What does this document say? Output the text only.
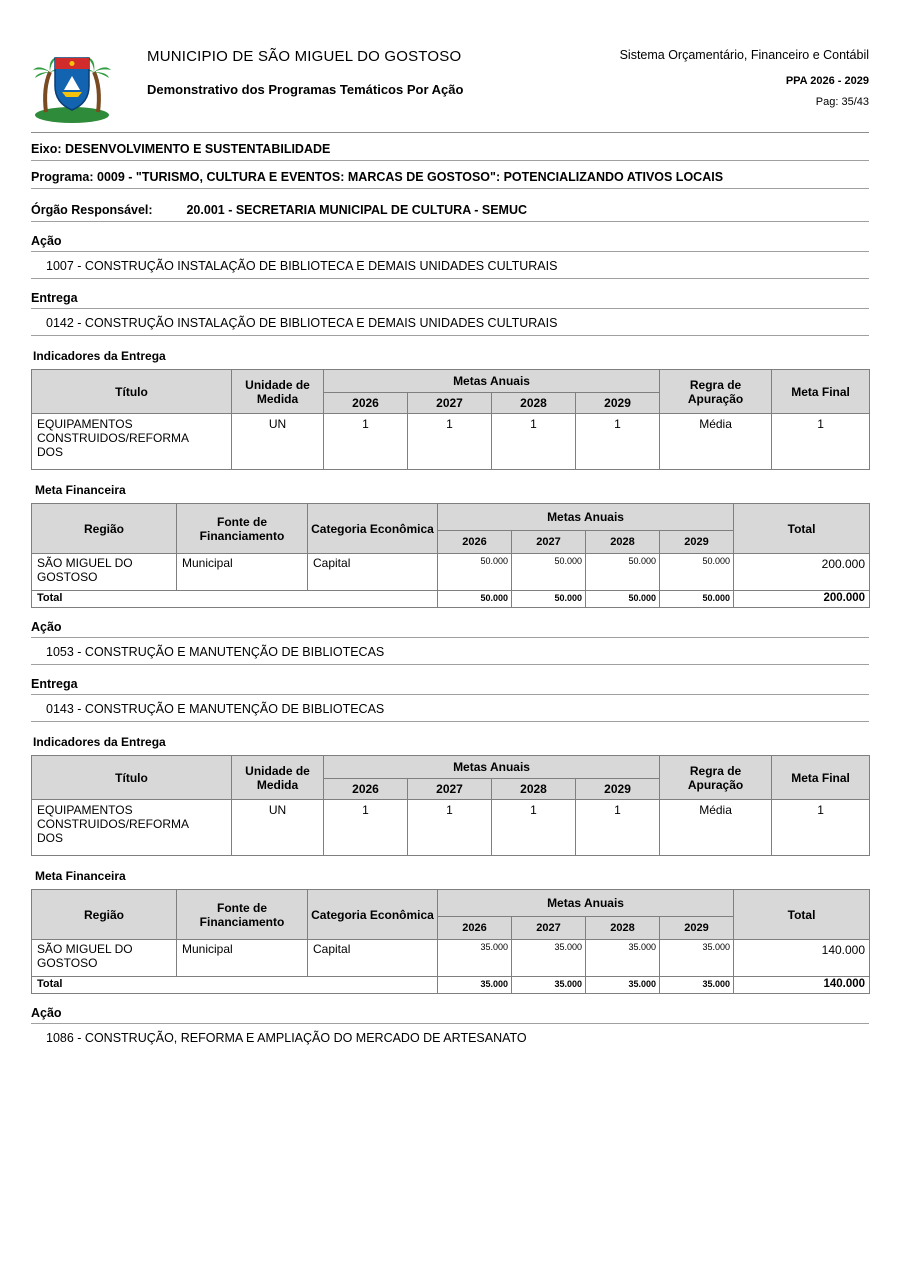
MUNICIPIO DE SÃO MIGUEL DO GOSTOSO
Demonstrativo dos Programas Temáticos Por Ação
Sistema Orçamentário, Financeiro e Contábil
PPA 2026 - 2029
Pag: 35/43
Eixo: DESENVOLVIMENTO E SUSTENTABILIDADE
Programa: 0009 - "TURISMO, CULTURA E EVENTOS: MARCAS DE GOSTOSO": POTENCIALIZANDO ATIVOS LOCAIS
Órgão Responsável:	20.001 - SECRETARIA MUNICIPAL DE CULTURA - SEMUC
Ação
1007 - CONSTRUÇÃO INSTALAÇÃO DE BIBLIOTECA E DEMAIS UNIDADES CULTURAIS
Entrega
0142 - CONSTRUÇÃO INSTALAÇÃO DE BIBLIOTECA E DEMAIS UNIDADES CULTURAIS
Indicadores da Entrega
Título	Unidade de Medida	Metas Anuais				Regra de Apuração	Meta Final
		2026	2027	2028	2029		
EQUIPAMENTOS CONSTRUIDOS/REFORMADOS	UN	1	1	1	1	Média	1
Meta Financeira
Região	Fonte de Financiamento	Categoria Econômica	Metas Anuais				Total
			2026	2027	2028	2029	
SÃO MIGUEL DO GOSTOSO	Municipal	Capital	50.000	50.000	50.000	50.000	200.000
Total			50.000	50.000	50.000	50.000	200.000
Ação
1053 - CONSTRUÇÃO E MANUTENÇÃO DE BIBLIOTECAS
Entrega
0143 - CONSTRUÇÃO E MANUTENÇÃO DE BIBLIOTECAS
Indicadores da Entrega
Título	Unidade de Medida	Metas Anuais				Regra de Apuração	Meta Final
		2026	2027	2028	2029		
EQUIPAMENTOS CONSTRUIDOS/REFORMADOS	UN	1	1	1	1	Média	1
Meta Financeira
Região	Fonte de Financiamento	Categoria Econômica	Metas Anuais				Total
			2026	2027	2028	2029	
SÃO MIGUEL DO GOSTOSO	Municipal	Capital	35.000	35.000	35.000	35.000	140.000
Total			35.000	35.000	35.000	35.000	140.000
Ação
1086 - CONSTRUÇÃO, REFORMA E AMPLIAÇÃO DO MERCADO DE ARTESANATO
